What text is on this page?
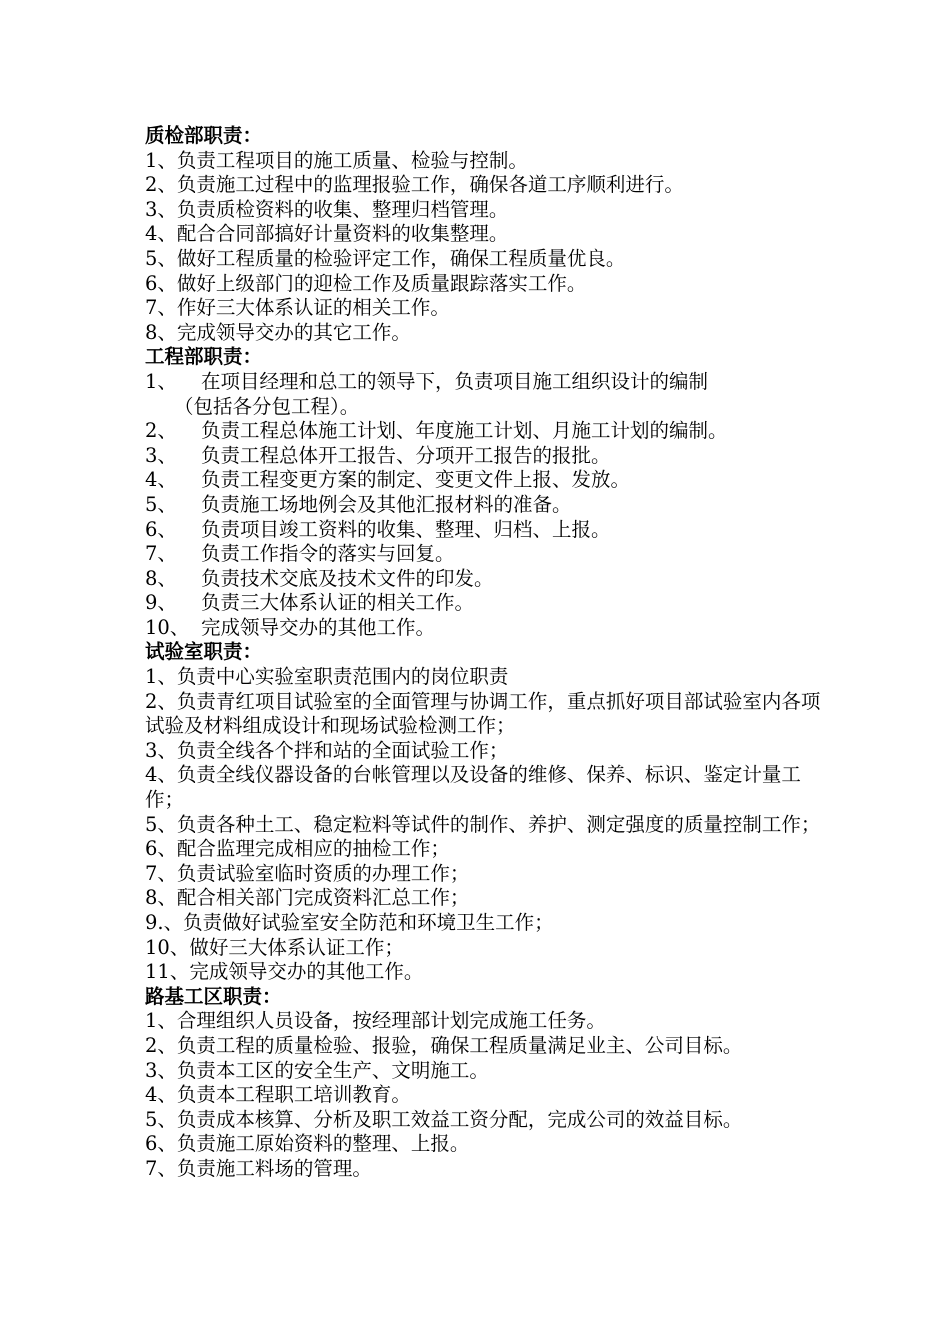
质检部职责：
1、负责工程项目的施工质量、检验与控制。
2、负责施工过程中的监理报验工作，确保各道工序顺利进行。
3、负责质检资料的收集、整理归档管理。
4、配合合同部搞好计量资料的收集整理。
5、做好工程质量的检验评定工作，确保工程质量优良。
6、做好上级部门的迎检工作及质量跟踪落实工作。
7、作好三大体系认证的相关工作。
8、完成领导交办的其它工作。
工程部职责：
1、 在项目经理和总工的领导下，负责项目施工组织设计的编制
（包括各分包工程）。
2、 负责工程总体施工计划、年度施工计划、月施工计划的编制。
3、 负责工程总体开工报告、分项开工报告的报批。
4、 负责工程变更方案的制定、变更文件上报、发放。
5、 负责施工场地例会及其他汇报材料的准备。
6、 负责项目竣工资料的收集、整理、归档、上报。
7、 负责工作指令的落实与回复。
8、 负责技术交底及技术文件的印发。
9、 负责三大体系认证的相关工作。
10、 完成领导交办的其他工作。
试验室职责：
1、负责中心实验室职责范围内的岗位职责
2、负责青红项目试验室的全面管理与协调工作，重点抓好项目部试验室内各项试验及材料组成设计和现场试验检测工作；
3、负责全线各个拌和站的全面试验工作；
4、负责全线仪器设备的台帐管理以及设备的维修、保养、标识、鉴定计量工作；
5、负责各种土工、稳定粒料等试件的制作、养护、测定强度的质量控制工作；
6、配合监理完成相应的抽检工作；
7、负责试验室临时资质的办理工作；
8、配合相关部门完成资料汇总工作；
9.、负责做好试验室安全防范和环境卫生工作；
10、做好三大体系认证工作；
11、完成领导交办的其他工作。
路基工区职责：
1、合理组织人员设备，按经理部计划完成施工任务。
2、负责工程的质量检验、报验，确保工程质量满足业主、公司目标。
3、负责本工区的安全生产、文明施工。
4、负责本工程职工培训教育。
5、负责成本核算、分析及职工效益工资分配，完成公司的效益目标。
6、负责施工原始资料的整理、上报。
7、负责施工料场的管理。
